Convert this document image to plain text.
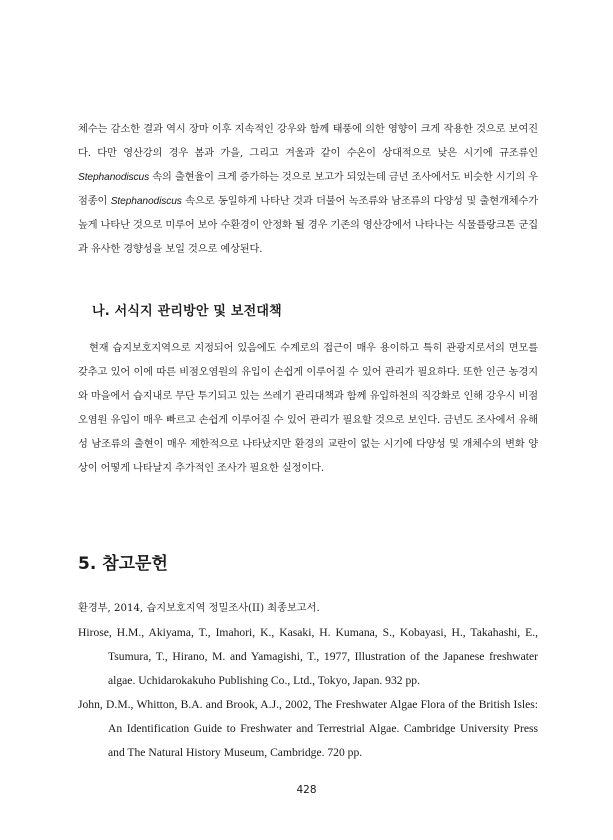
체수는 감소한 결과 역시 장마 이후 지속적인 강우와 함께 태풍에 의한 영향이 크게 작용한 것으로 보여진다. 다만 영산강의 경우 봄과 가을, 그리고 겨울과 같이 수온이 상대적으로 낮은 시기에 규조류인 Stephanodiscus 속의 출현율이 크게 증가하는 것으로 보고가 되었는데 금년 조사에서도 비슷한 시기의 우점종이 Stephanodiscus 속으로 동일하게 나타난 것과 더불어 녹조류와 남조류의 다양성 및 출현개체수가 높게 나타난 것으로 미루어 보아 수환경이 안정화 될 경우 기존의 영산강에서 나타나는 식물플랑크톤 군집과 유사한 경향성을 보일 것으로 예상된다.

나. 서식지 관리방안 및 보전대책

현재 습지보호지역으로 지정되어 있음에도 수계로의 접근이 매우 용이하고 특히 관광지로서의 면모를 갖추고 있어 이에 따른 비점오염원의 유입이 손쉽게 이루어질 수 있어 관리가 필요하다. 또한 인근 농경지와 마을에서 습지내로 무단 투기되고 있는 쓰레기 관리대책과 함께 유입하천의 직강화로 인해 강우시 비점오염원 유입이 매우 빠르고 손쉽게 이루어질 수 있어 관리가 필요할 것으로 보인다. 금년도 조사에서 유해성 남조류의 출현이 매우 제한적으로 나타났지만 환경의 교란이 없는 시기에 다양성 및 개체수의 변화 양상이 어떻게 나타날지 추가적인 조사가 필요한 실정이다.

5. 참고문헌
환경부, 2014, 습지보호지역 정밀조사(II) 최종보고서.
Hirose, H.M., Akiyama, T., Imahori, K., Kasaki, H. Kumana, S., Kobayasi, H., Takahashi, E., Tsumura, T., Hirano, M. and Yamagishi, T., 1977, Illustration of the Japanese freshwater algae. Uchidarokakuho Publishing Co., Ltd., Tokyo, Japan. 932 pp.
John, D.M., Whitton, B.A. and Brook, A.J., 2002, The Freshwater Algae Flora of the British Isles: An Identification Guide to Freshwater and Terrestrial Algae. Cambridge University Press and The Natural History Museum, Cambridge. 720 pp.
428
